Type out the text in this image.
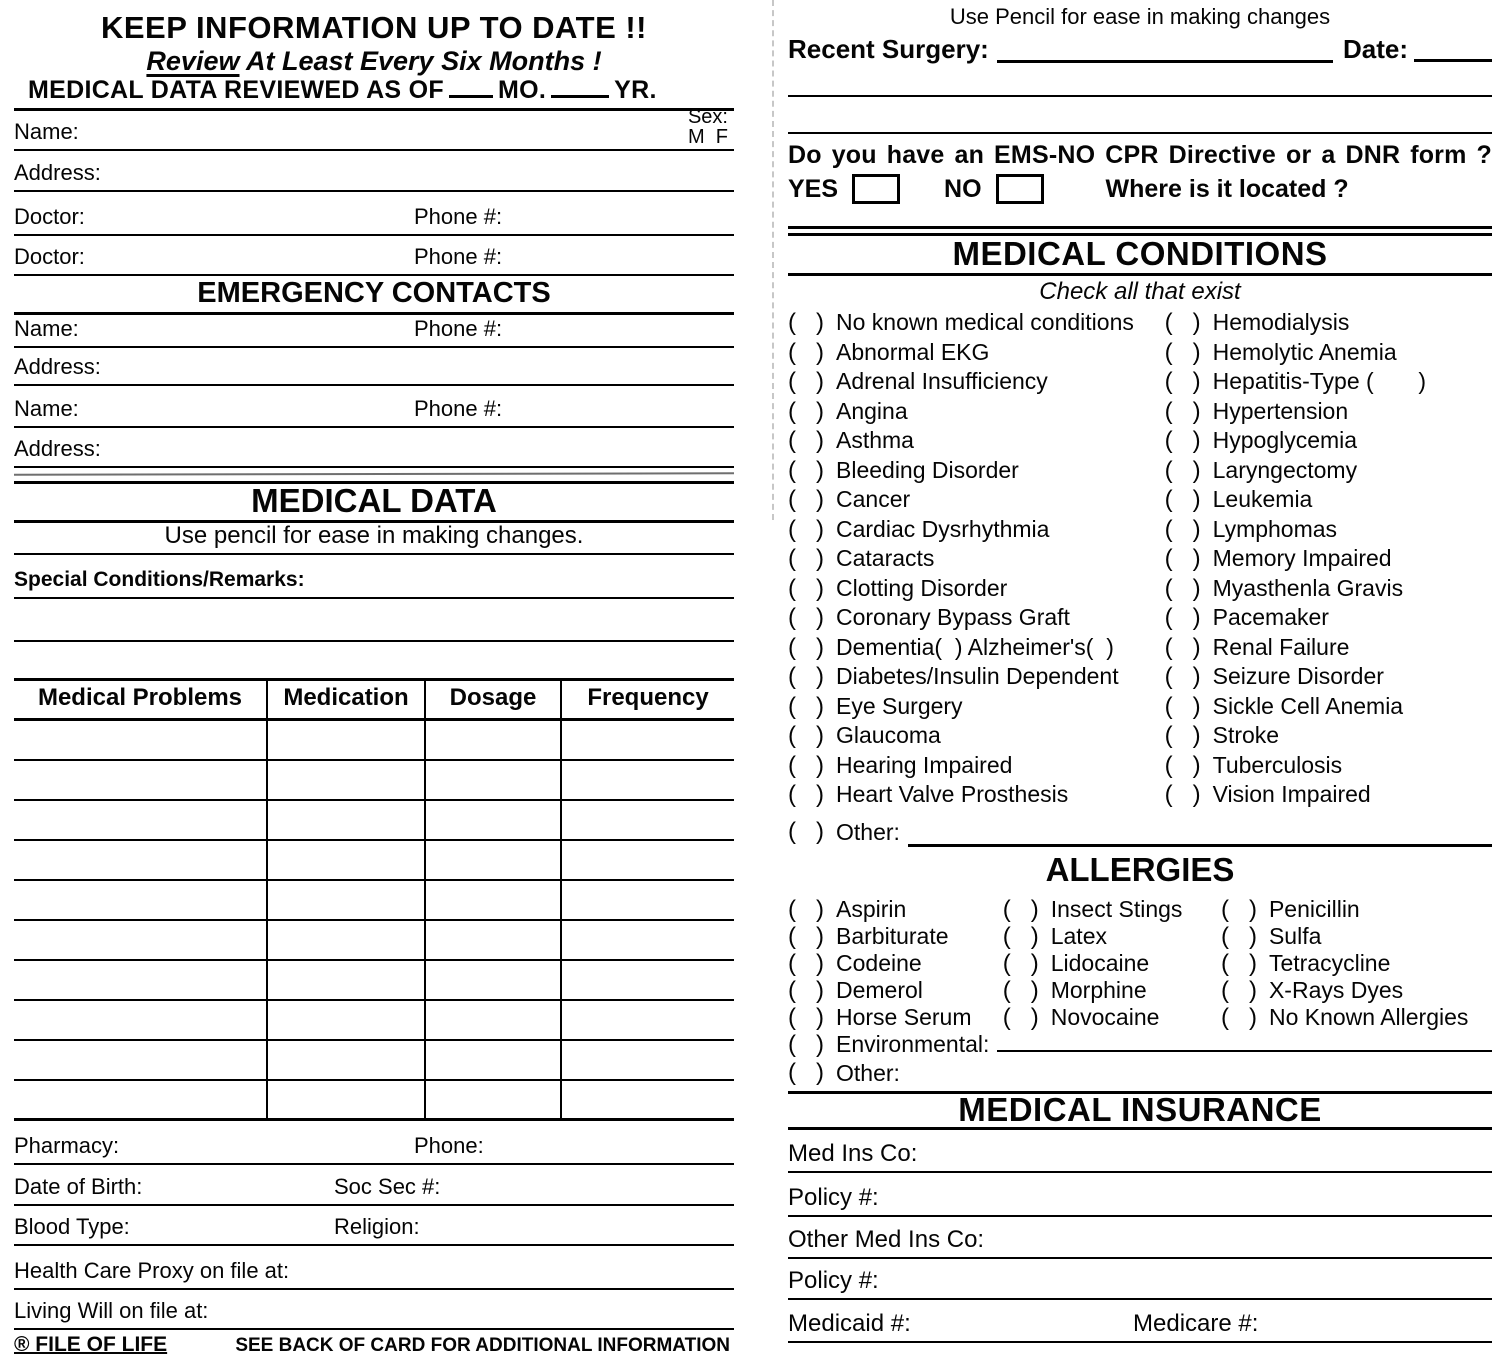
KEEP INFORMATION UP TO DATE !!
Review At Least Every Six Months !
MEDICAL DATA REVIEWED AS OF MO.	YR.
Name:
Sex:
M  F
Address:
Doctor:	Phone #:
Doctor:	Phone #:
EMERGENCY CONTACTS
Name:	Phone #:
Address:
Name:	Phone #:
Address:
MEDICAL DATA
Use pencil for ease in making changes.
Special Conditions/Remarks:
Medical Problems	Medication	Dosage	Frequency

Pharmacy:	Phone:
Date of Birth:	Soc Sec #:
Blood Type:	Religion:
Health Care Proxy on file at:
Living Will on file at:
® FILE OF LIFE	SEE BACK OF CARD FOR ADDITIONAL INFORMATION
Use Pencil for ease in making changes
Recent Surgery:	Date:
Do you have an EMS-NO CPR Directive or a DNR form ?
YES	NO	Where is it located ?
MEDICAL CONDITIONS
Check all that exist
(   ) No known medical conditions
(   ) Abnormal EKG
(   ) Adrenal Insufficiency
(   ) Angina
(   ) Asthma
(   ) Bleeding Disorder
(   ) Cancer
(   ) Cardiac Dysrhythmia
(   ) Cataracts
(   ) Clotting Disorder
(   ) Coronary Bypass Graft
(   ) Dementia(  ) Alzheimer's(  )
(   ) Diabetes/Insulin Dependent
(   ) Eye Surgery
(   ) Glaucoma
(   ) Hearing Impaired
(   ) Heart Valve Prosthesis
(   ) Hemodialysis
(   ) Hemolytic Anemia
(   ) Hepatitis-Type (       )
(   ) Hypertension
(   ) Hypoglycemia
(   ) Laryngectomy
(   ) Leukemia
(   ) Lymphomas
(   ) Memory Impaired
(   ) Myasthenla Gravis
(   ) Pacemaker
(   ) Renal Failure
(   ) Seizure Disorder
(   ) Sickle Cell Anemia
(   ) Stroke
(   ) Tuberculosis
(   ) Vision Impaired
(   ) Other:
ALLERGIES
(   ) Aspirin
(   ) Barbiturate
(   ) Codeine
(   ) Demerol
(   ) Horse Serum
(   ) Insect Stings
(   ) Latex
(   ) Lidocaine
(   ) Morphine
(   ) Novocaine
(   ) Penicillin
(   ) Sulfa
(   ) Tetracycline
(   ) X-Rays Dyes
(   ) No Known Allergies
(   ) Environmental:
(   ) Other:
MEDICAL INSURANCE
Med Ins Co:
Policy #:
Other Med Ins Co:
Policy #:
Medicaid #:	Medicare #:
